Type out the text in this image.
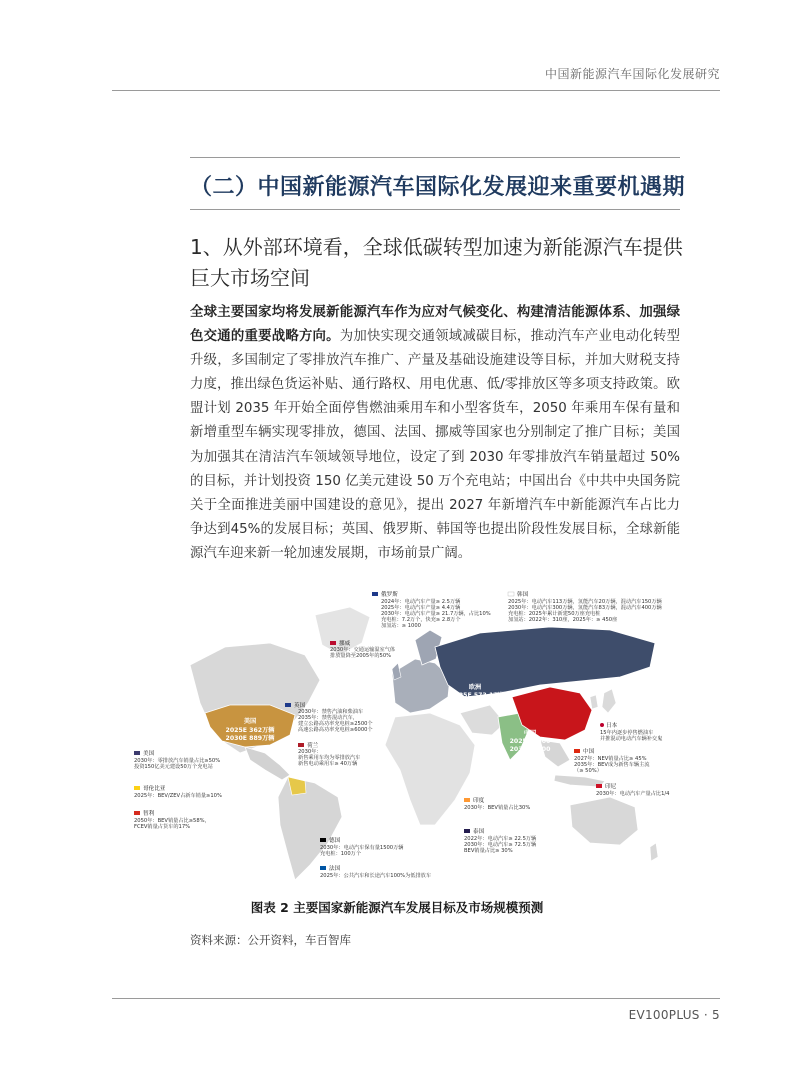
中国新能源汽车国际化发展研究
（二）中国新能源汽车国际化发展迎来重要机遇期
1、从外部环境看，全球低碳转型加速为新能源汽车提供巨大市场空间
全球主要国家均将发展新能源汽车作为应对气候变化、构建清洁能源体系、加强绿色交通的重要战略方向。为加快实现交通领域减碳目标，推动汽车产业电动化转型升级，多国制定了零排放汽车推广、产量及基础设施建设等目标，并加大财税支持力度，推出绿色货运补贴、通行路权、用电优惠、低/零排放区等多项支持政策。欧盟计划 2035 年开始全面停售燃油乘用车和小型客货车，2050 年乘用车保有量和新增重型车辆实现零排放，德国、法国、挪威等国家也分别制定了推广目标；美国为加强其在清洁汽车领域领导地位，设定了到 2030 年零排放汽车销量超过 50%的目标，并计划投资 150 亿美元建设 50 万个充电站；中国出台《中共中央国务院关于全面推进美丽中国建设的意见》，提出 2027 年新增汽车中新能源汽车占比力争达到45%的发展目标；英国、俄罗斯、韩国等也提出阶段性发展目标，全球新能源汽车迎来新一轮加速发展期，市场前景广阔。
美国
2025E 362万辆
2030E 889万辆
欧洲
2025E 573.1万辆
2030E 1204万辆
中国
2025E 1500
2030E 2400
俄罗斯
2024年：电动汽车产量≥ 2.5万辆
2025年：电动汽车产量≥ 4.4万辆
2030年：电动汽车产量≥ 21.7万辆，占比10%
充电桩：7.2万个，快充≥ 2.8万个
加氢站：≥ 1000
韩国
2025年：电动汽车113万辆，氢能汽车20万辆，混动汽车150万辆
2030年：电动汽车300万辆，氢能汽车83万辆，混动汽车400万辆
充电桩：2025年累计新建50万座充电桩
加氢站：2022年：310座，2025年：≥ 450座
挪威
2030年：交通运输温室气体
排放量降至2005年的50%
英国
2030年：禁售汽油和柴油车
2035年：禁售混动汽车，
建立公路高功率充电桩≥2500个
高速公路高功率充电桩≥6000个
荷兰
2030年：
新售乘用车均为零排放汽车
新售电动乘用车≥ 40万辆
美国
2030年：零排放汽车销量占比≥50%
投资150亿美元建设50万个充电站
哥伦比亚
2025年：BEV/ZEV占新车销量≥10%
智利
2050年：BEV销量占比≥58%，
FCEV销量占货车的17%
日本
15年内逐步停售燃油车
并推混动电动汽车辆补交鬼
中国
2027年：NEV销量占比≥ 45%
2035年：BEV成为新售车辆主流
（≥ 50%）
印度
2030年：BEV销量占比30%
印尼
2030年：电动汽车产量占比1/4
泰国
2022年：电动汽车≥ 22.5万辆
2030年：电动汽车≥ 72.5万辆
BEV销量占比≥ 30%
德国
2030年：电动汽车保有量1500万辆
充电桩：100万个
法国
2025年：公共汽车和长途汽车100%为低排放车
图表 2 主要国家新能源汽车发展目标及市场规模预测
资料来源：公开资料，车百智库
EV100PLUS · 5
